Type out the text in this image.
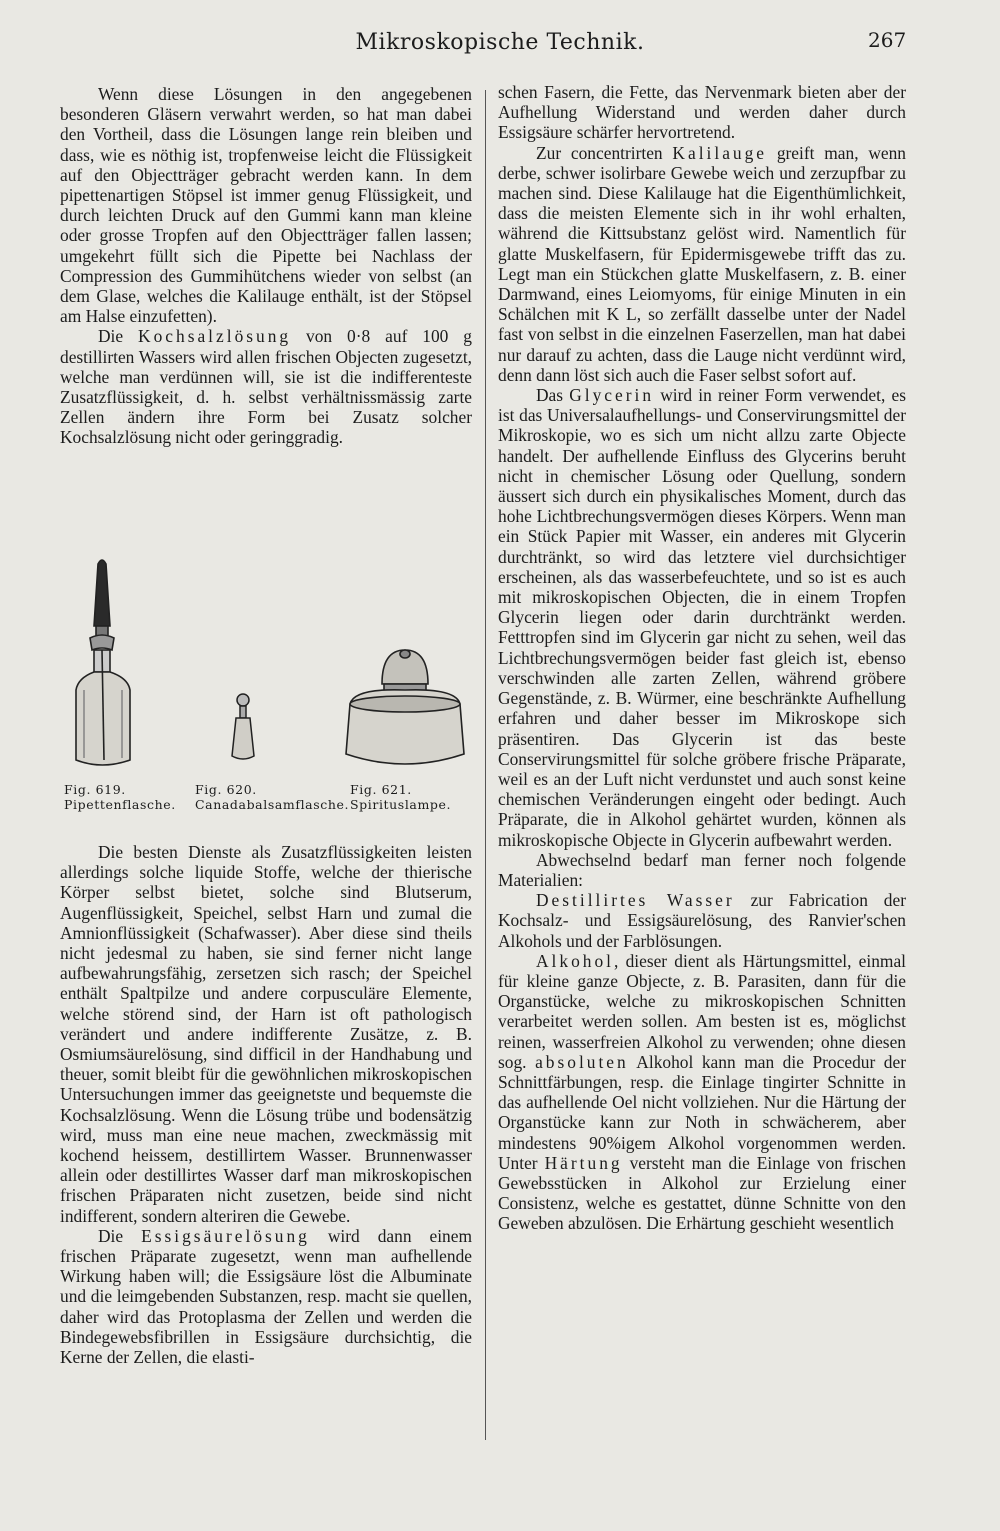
Mikroskopische Technik.	267

Wenn diese Lösungen in den angegebenen besonderen Gläsern verwahrt werden, so hat man dabei den Vortheil, dass die Lösungen lange rein bleiben und dass, wie es nöthig ist, tropfenweise leicht die Flüssigkeit auf den Objectträger gebracht werden kann. In dem pipettenartigen Stöpsel ist immer genug Flüssigkeit, und durch leichten Druck auf den Gummi kann man kleine oder grosse Tropfen auf den Objectträger fallen lassen; umgekehrt füllt sich die Pipette bei Nachlass der Compression des Gummihütchens wieder von selbst (an dem Glase, welches die Kalilauge enthält, ist der Stöpsel am Halse einzufetten).

Die Kochsalzlösung von 0·8 auf 100 g destillirten Wassers wird allen frischen Objecten zugesetzt, welche man verdünnen will, sie ist die indifferenteste Zusatzflüssigkeit, d. h. selbst verhältnissmässig zarte Zellen ändern ihre Form bei Zusatz solcher Kochsalzlösung nicht oder geringgradig.

Fig. 619. Pipettenflasche.
Fig. 620. Canadabalsamflasche.
Fig. 621. Spirituslampe.

Die besten Dienste als Zusatzflüssigkeiten leisten allerdings solche liquide Stoffe, welche der thierische Körper selbst bietet, solche sind Blutserum, Augenflüssigkeit, Speichel, selbst Harn und zumal die Amnionflüssigkeit (Schafwasser). Aber diese sind theils nicht jedesmal zu haben, sie sind ferner nicht lange aufbewahrungsfähig, zersetzen sich rasch; der Speichel enthält Spaltpilze und andere corpusculäre Elemente, welche störend sind, der Harn ist oft pathologisch verändert und andere indifferente Zusätze, z. B. Osmiumsäurelösung, sind difficil in der Handhabung und theuer, somit bleibt für die gewöhnlichen mikroskopischen Untersuchungen immer das geeignetste und bequemste die Kochsalzlösung. Wenn die Lösung trübe und bodensätzig wird, muss man eine neue machen, zweckmässig mit kochend heissem, destillirtem Wasser. Brunnenwasser allein oder destillirtes Wasser darf man mikroskopischen frischen Präparaten nicht zusetzen, beide sind nicht indifferent, sondern alteriren die Gewebe.

Die Essigsäurelösung wird dann einem frischen Präparate zugesetzt, wenn man aufhellende Wirkung haben will; die Essigsäure löst die Albuminate und die leimgebenden Substanzen, resp. macht sie quellen, daher wird das Protoplasma der Zellen und werden die Bindegewebsfibrillen in Essigsäure durchsichtig, die Kerne der Zellen, die elasti-

schen Fasern, die Fette, das Nervenmark bieten aber der Aufhellung Widerstand und werden daher durch Essigsäure schärfer hervortretend.

Zur concentrirten Kalilauge greift man, wenn derbe, schwer isolirbare Gewebe weich und zerzupfbar zu machen sind. Diese Kalilauge hat die Eigenthümlichkeit, dass die meisten Elemente sich in ihr wohl erhalten, während die Kittsubstanz gelöst wird. Namentlich für glatte Muskelfasern, für Epidermisgewebe trifft das zu. Legt man ein Stückchen glatte Muskelfasern, z. B. einer Darmwand, eines Leiomyoms, für einige Minuten in ein Schälchen mit K L, so zerfällt dasselbe unter der Nadel fast von selbst in die einzelnen Faserzellen, man hat dabei nur darauf zu achten, dass die Lauge nicht verdünnt wird, denn dann löst sich auch die Faser selbst sofort auf.

Das Glycerin wird in reiner Form verwendet, es ist das Universalaufhellungs- und Conservirungsmittel der Mikroskopie, wo es sich um nicht allzu zarte Objecte handelt. Der aufhellende Einfluss des Glycerins beruht nicht in chemischer Lösung oder Quellung, sondern äussert sich durch ein physikalisches Moment, durch das hohe Lichtbrechungsvermögen dieses Körpers. Wenn man ein Stück Papier mit Wasser, ein anderes mit Glycerin durchtränkt, so wird das letztere viel durchsichtiger erscheinen, als das wasserbefeuchtete, und so ist es auch mit mikroskopischen Objecten, die in einem Tropfen Glycerin liegen oder darin durchtränkt werden. Fetttropfen sind im Glycerin gar nicht zu sehen, weil das Lichtbrechungsvermögen beider fast gleich ist, ebenso verschwinden alle zarten Zellen, während gröbere Gegenstände, z. B. Würmer, eine beschränkte Aufhellung erfahren und daher besser im Mikroskope sich präsentiren. Das Glycerin ist das beste Conservirungsmittel für solche gröbere frische Präparate, weil es an der Luft nicht verdunstet und auch sonst keine chemischen Veränderungen eingeht oder bedingt. Auch Präparate, die in Alkohol gehärtet wurden, können als mikroskopische Objecte in Glycerin aufbewahrt werden.

Abwechselnd bedarf man ferner noch folgende Materialien:

Destillirtes Wasser zur Fabrication der Kochsalz- und Essigsäurelösung, des Ranvier'schen Alkohols und der Farblösungen.

Alkohol, dieser dient als Härtungsmittel, einmal für kleine ganze Objecte, z. B. Parasiten, dann für die Organstücke, welche zu mikroskopischen Schnitten verarbeitet werden sollen. Am besten ist es, möglichst reinen, wasserfreien Alkohol zu verwenden; ohne diesen sog. absoluten Alkohol kann man die Procedur der Schnittfärbungen, resp. die Einlage tingirter Schnitte in das aufhellende Oel nicht vollziehen. Nur die Härtung der Organstücke kann zur Noth in schwächerem, aber mindestens 90%igem Alkohol vorgenommen werden. Unter Härtung versteht man die Einlage von frischen Gewebsstücken in Alkohol zur Erzielung einer Consistenz, welche es gestattet, dünne Schnitte von den Geweben abzulösen. Die Erhärtung geschieht wesentlich
